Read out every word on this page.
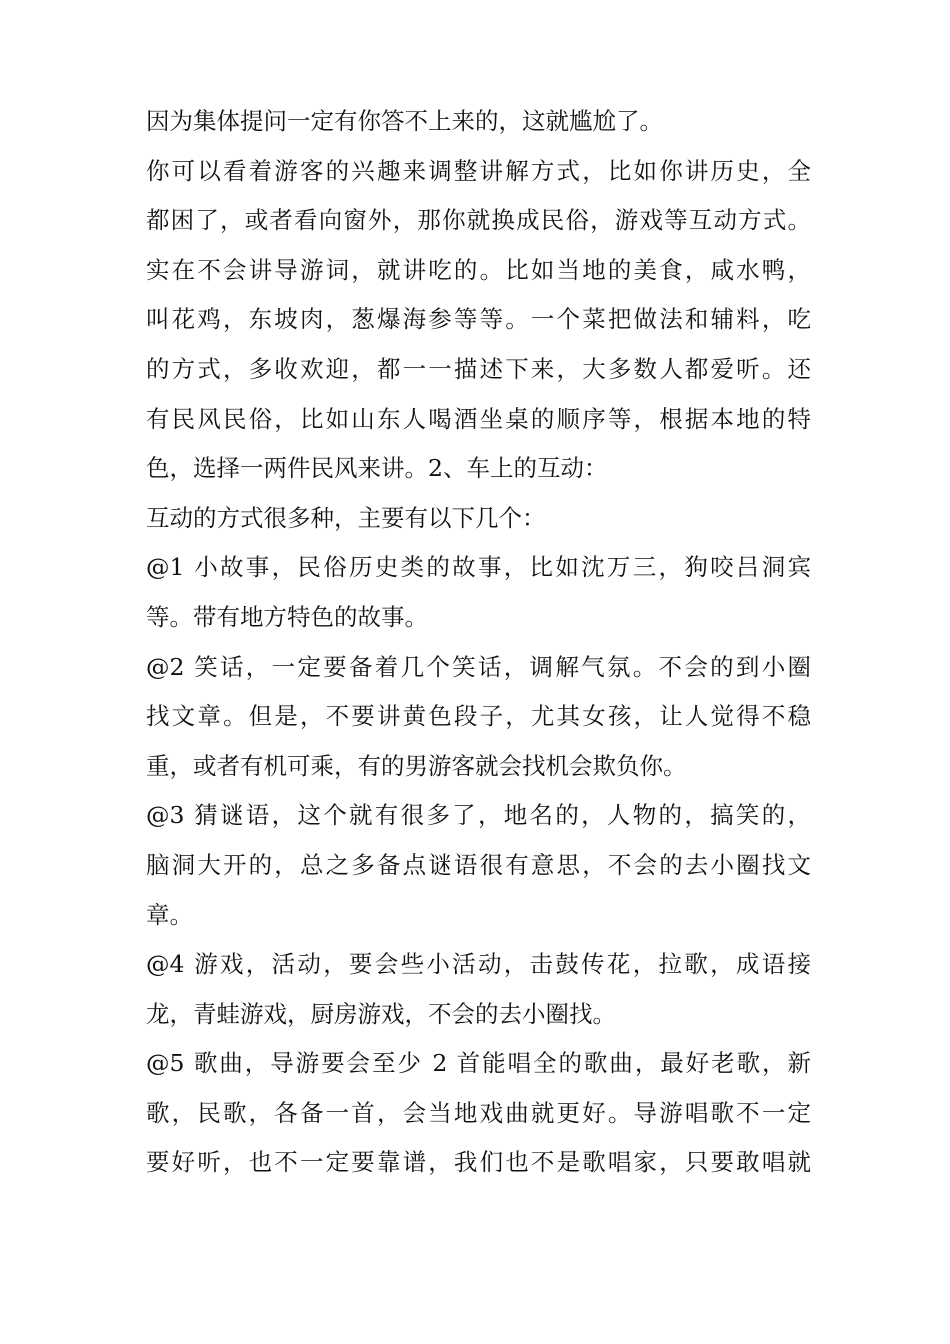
因为集体提问一定有你答不上来的，这就尴尬了。
你可以看着游客的兴趣来调整讲解方式，比如你讲历史，全
都困了，或者看向窗外，那你就换成民俗，游戏等互动方式。
实在不会讲导游词，就讲吃的。比如当地的美食，咸水鸭，
叫花鸡，东坡肉，葱爆海参等等。一个菜把做法和辅料，吃
的方式，多收欢迎，都一一描述下来，大多数人都爱听。还
有民风民俗，比如山东人喝酒坐桌的顺序等，根据本地的特
色，选择一两件民风来讲。2、车上的互动：
互动的方式很多种，主要有以下几个：
@1 小故事，民俗历史类的故事，比如沈万三，狗咬吕洞宾
等。带有地方特色的故事。
@2 笑话，一定要备着几个笑话，调解气氛。不会的到小圈
找文章。但是，不要讲黄色段子，尤其女孩，让人觉得不稳
重，或者有机可乘，有的男游客就会找机会欺负你。
@3 猜谜语，这个就有很多了，地名的，人物的，搞笑的，
脑洞大开的，总之多备点谜语很有意思，不会的去小圈找文
章。
@4 游戏，活动，要会些小活动，击鼓传花，拉歌，成语接
龙，青蛙游戏，厨房游戏，不会的去小圈找。
@5 歌曲，导游要会至少 2 首能唱全的歌曲，最好老歌，新
歌，民歌，各备一首，会当地戏曲就更好。导游唱歌不一定
要好听，也不一定要靠谱，我们也不是歌唱家，只要敢唱就
